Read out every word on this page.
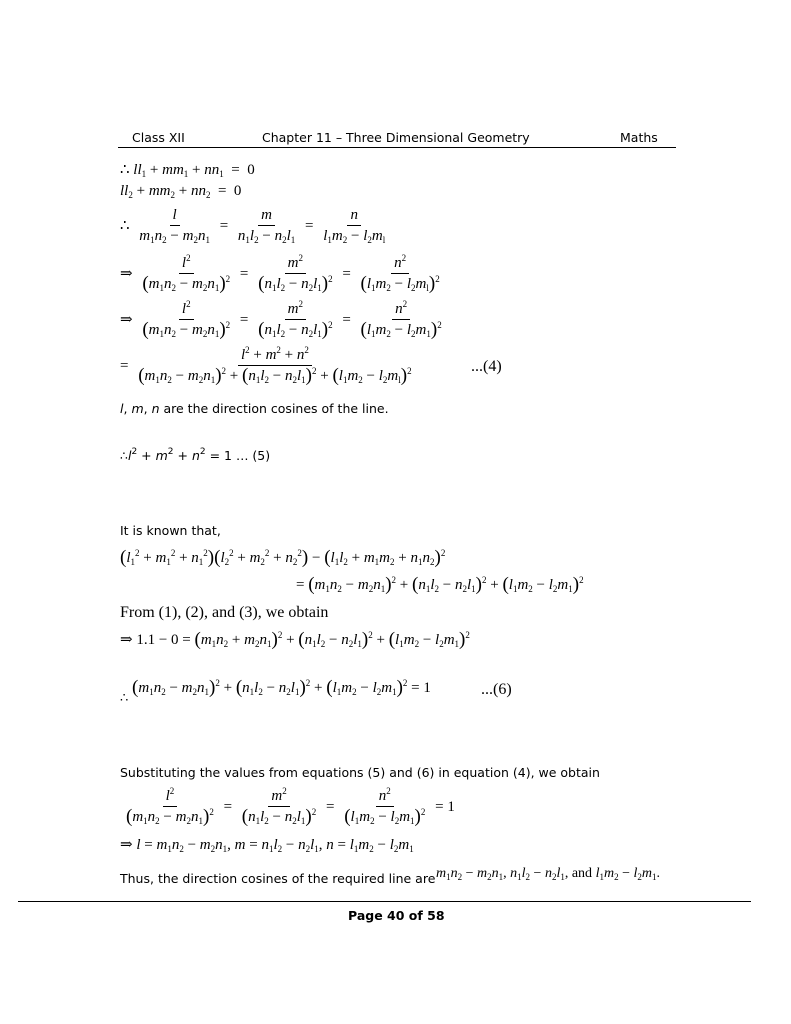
Class XII	Chapter 11 – Three Dimensional Geometry	Maths
∴ $ll_1 + mm_1 + nn_1 = 0$
$ll_2 + mm_2 + nn_2 = 0$
∴ $\frac{l}{m_1n_2 - m_2n_1} = \frac{m}{n_1l_2 - n_2l_1} = \frac{n}{l_1m_2 - l_2m_l}$
⇒ $\frac{l^2}{(m_1n_2 - m_2n_1)^2} = \frac{m^2}{(n_1l_2 - n_2l_1)^2} = \frac{n^2}{(l_1m_2 - l_2m_l)^2}$
⇒ $\frac{l^2}{(m_1n_2 - m_2n_1)^2} = \frac{m^2}{(n_1l_2 - n_2l_1)^2} = \frac{n^2}{(l_1m_2 - l_2m_1)^2}$
= $\frac{l^2 + m^2 + n^2}{(m_1n_2 - m_2n_1)^2 + (n_1l_2 - n_2l_1)^2 + (l_1m_2 - l_2m_l)^2}$	...(4)
l, m, n are the direction cosines of the line.
$\therefore l^2 + m^2 + n^2 = 1$ … (5)
It is known that,
$(l_1^2 + m_1^2 + n_1^2)(l_2^2 + m_2^2 + n_2^2) - (l_1l_2 + m_1m_2 + n_1n_2)^2$
= $(m_1n_2 - m_2n_1)^2 + (n_1l_2 - n_2l_1)^2 + (l_1m_2 - l_2m_1)^2$
From (1), (2), and (3), we obtain
⇒ $1.1 - 0 = (m_1n_2 + m_2n_1)^2 + (n_1l_2 - n_2l_1)^2 + (l_1m_2 - l_2m_1)^2$
∴ $(m_1n_2 - m_2n_1)^2 + (n_1l_2 - n_2l_1)^2 + (l_1m_2 - l_2m_1)^2 = 1$	...(6)
Substituting the values from equations (5) and (6) in equation (4), we obtain
$\frac{l^2}{(m_1n_2 - m_2n_1)^2} = \frac{m^2}{(n_1l_2 - n_2l_1)^2} = \frac{n^2}{(l_1m_2 - l_2m_1)^2} = 1$
⇒ $l = m_1n_2 - m_2n_1$, $m = n_1l_2 - n_2l_1$, $n = l_1m_2 - l_2m_1$
Thus, the direction cosines of the required line are $m_1n_2 - m_2n_1$, $n_1l_2 - n_2l_1$, and $l_1m_2 - l_2m_1$.
Page 40 of 58
